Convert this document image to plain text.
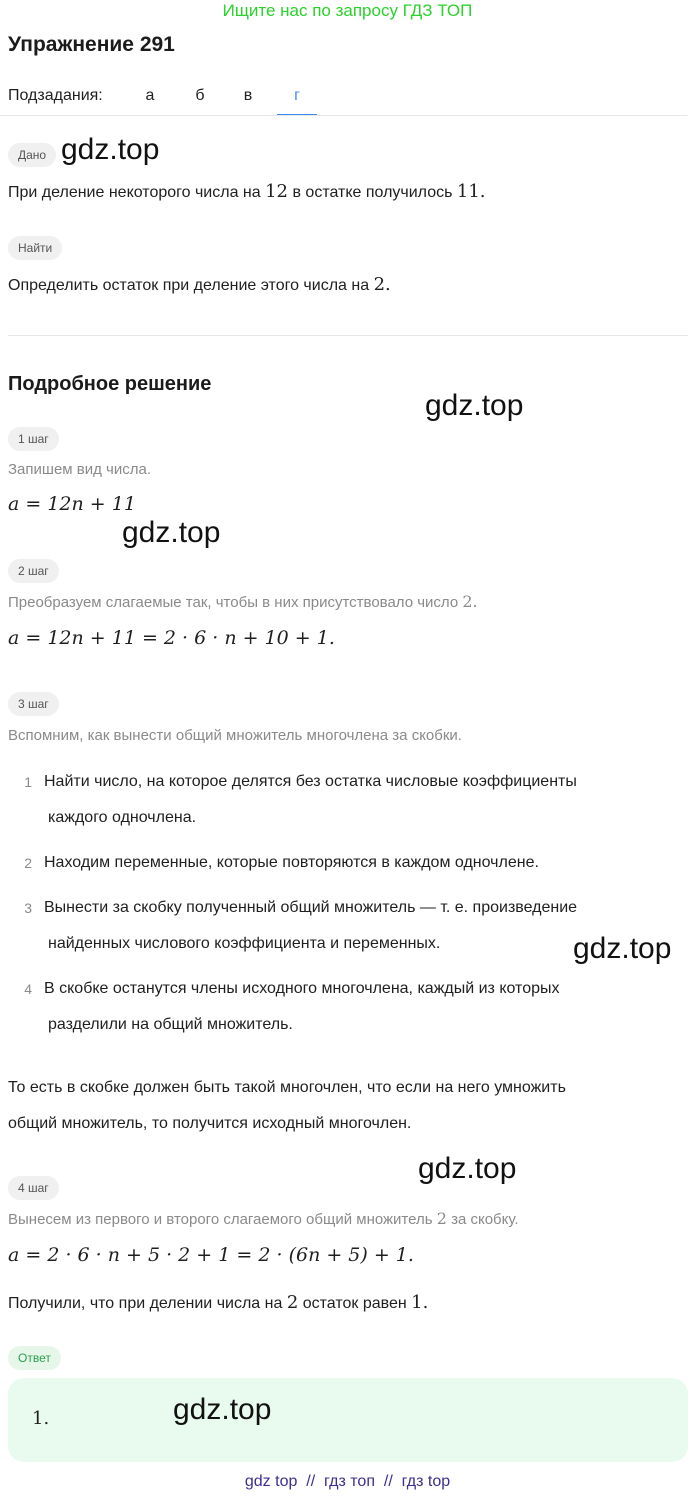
Ищите нас по запросу ГДЗ ТОП
Упражнение 291
Подзадания:	а	б	в	г
Дано gdz.top
При деление некоторого числа на 12 в остатке получилось 11.
Найти
Определить остаток при деление этого числа на 2.
Подробное решение
gdz.top
1 шаг
Запишем вид числа.
a = 12n + 11
gdz.top
2 шаг
Преобразуем слагаемые так, чтобы в них присутствовало число 2.
a = 12n + 11 = 2 · 6 · n + 10 + 1.
3 шаг
Вспомним, как вынести общий множитель многочлена за скобки.
1 Найти число, на которое делятся без остатка числовые коэффициенты
каждого одночлена.
2 Находим переменные, которые повторяются в каждом одночлене.
3 Вынести за скобку полученный общий множитель — т. е. произведение
найденных числового коэффициента и переменных.	gdz.top
4 В скобке останутся члены исходного многочлена, каждый из которых
разделили на общий множитель.
То есть в скобке должен быть такой многочлен, что если на него умножить
общий множитель, то получится исходный многочлен.
gdz.top
4 шаг
Вынесем из первого и второго слагаемого общий множитель 2 за скобку.
a = 2 · 6 · n + 5 · 2 + 1 = 2 · (6n + 5) + 1.
Получили, что при делении числа на 2 остаток равен 1.
Ответ
1.	gdz.top
gdz top  //  гдз топ  //  гдз top
